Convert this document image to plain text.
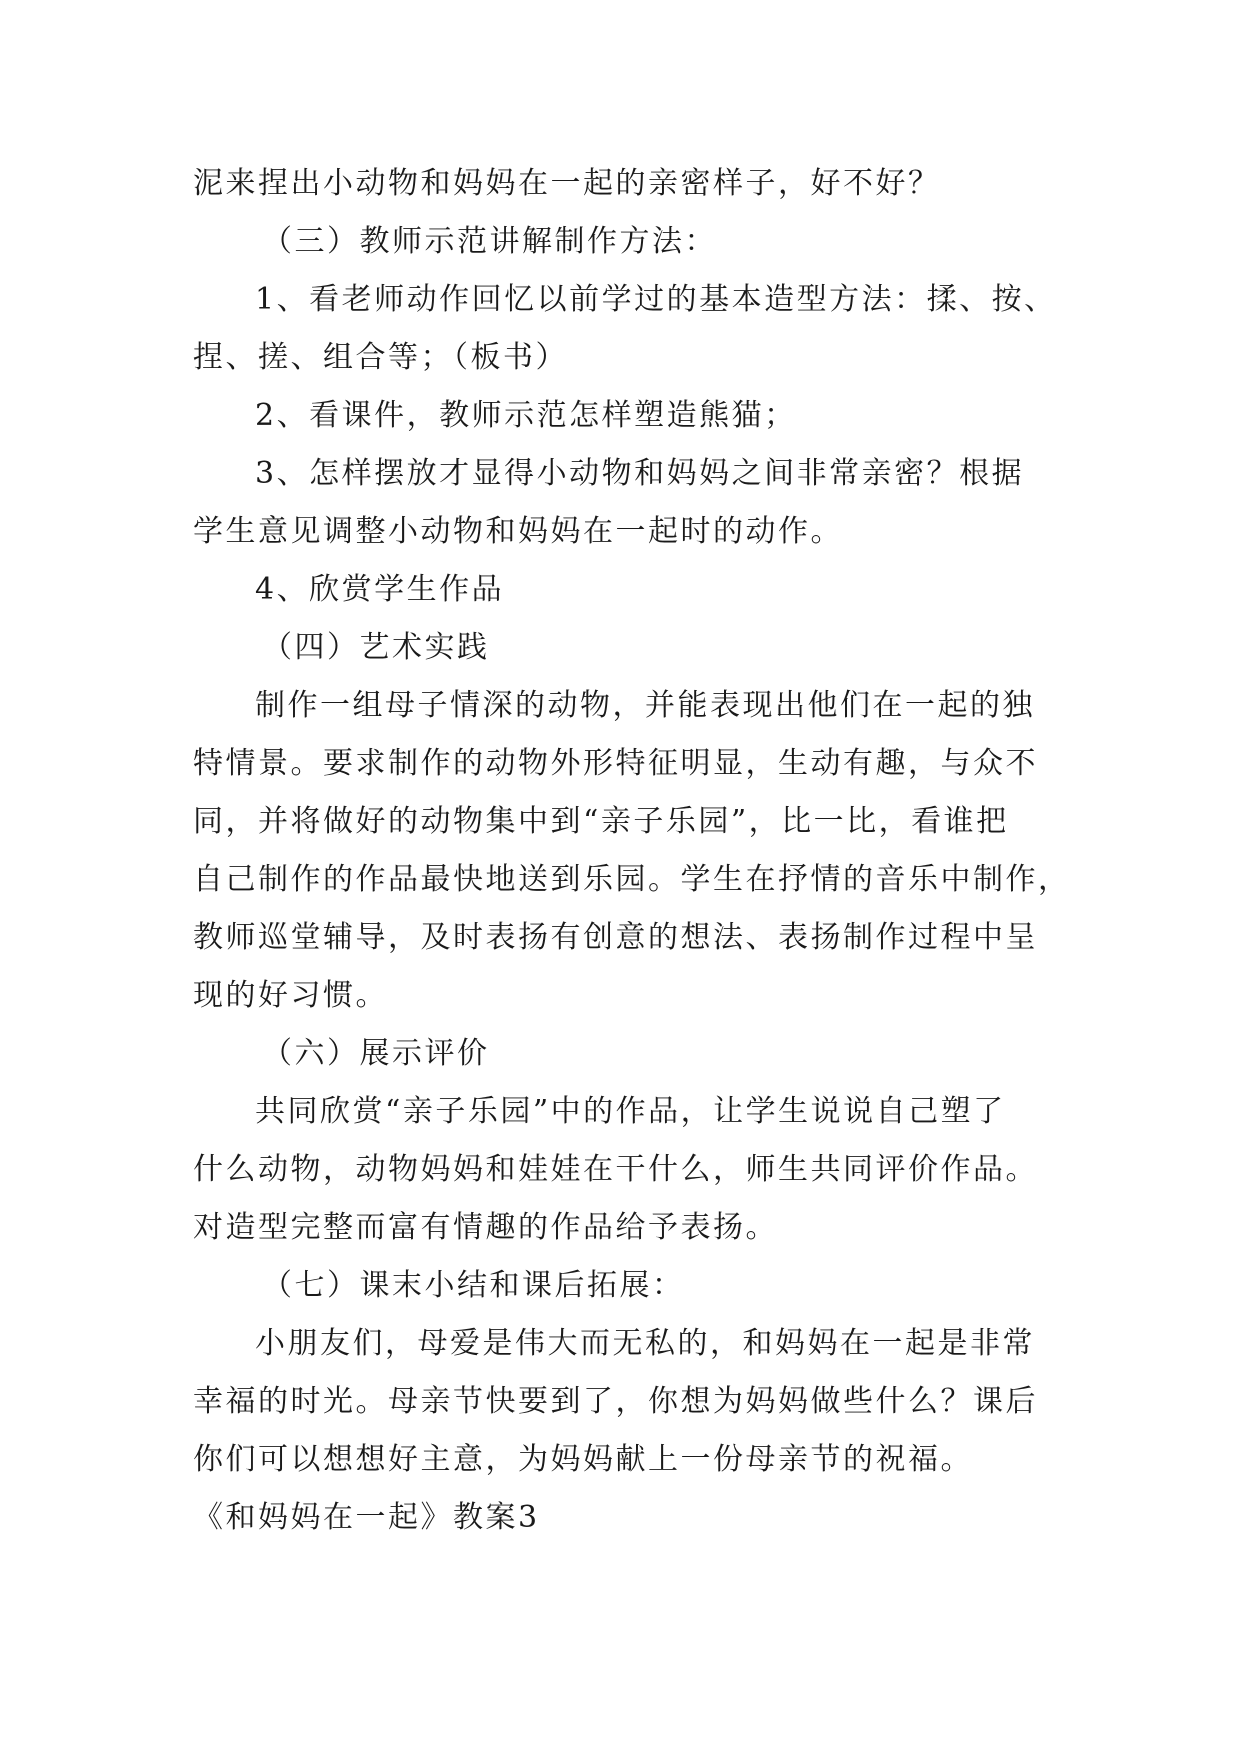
泥来捏出小动物和妈妈在一起的亲密样子，好不好？

（三）教师示范讲解制作方法：

1、看老师动作回忆以前学过的基本造型方法：揉、按、

捏、搓、组合等；（板书）

2、看课件，教师示范怎样塑造熊猫；

3、怎样摆放才显得小动物和妈妈之间非常亲密？根据

学生意见调整小动物和妈妈在一起时的动作。

4、欣赏学生作品

（四）艺术实践

制作一组母子情深的动物，并能表现出他们在一起的独

特情景。要求制作的动物外形特征明显，生动有趣，与众不

同，并将做好的动物集中到“亲子乐园”，比一比，看谁把

自己制作的作品最快地送到乐园。学生在抒情的音乐中制作，

教师巡堂辅导，及时表扬有创意的想法、表扬制作过程中呈

现的好习惯。

（六）展示评价

共同欣赏“亲子乐园”中的作品，让学生说说自己塑了

什么动物，动物妈妈和娃娃在干什么，师生共同评价作品。

对造型完整而富有情趣的作品给予表扬。

（七）课末小结和课后拓展：

小朋友们，母爱是伟大而无私的，和妈妈在一起是非常

幸福的时光。母亲节快要到了，你想为妈妈做些什么？课后

你们可以想想好主意，为妈妈献上一份母亲节的祝福。

《和妈妈在一起》教案3
